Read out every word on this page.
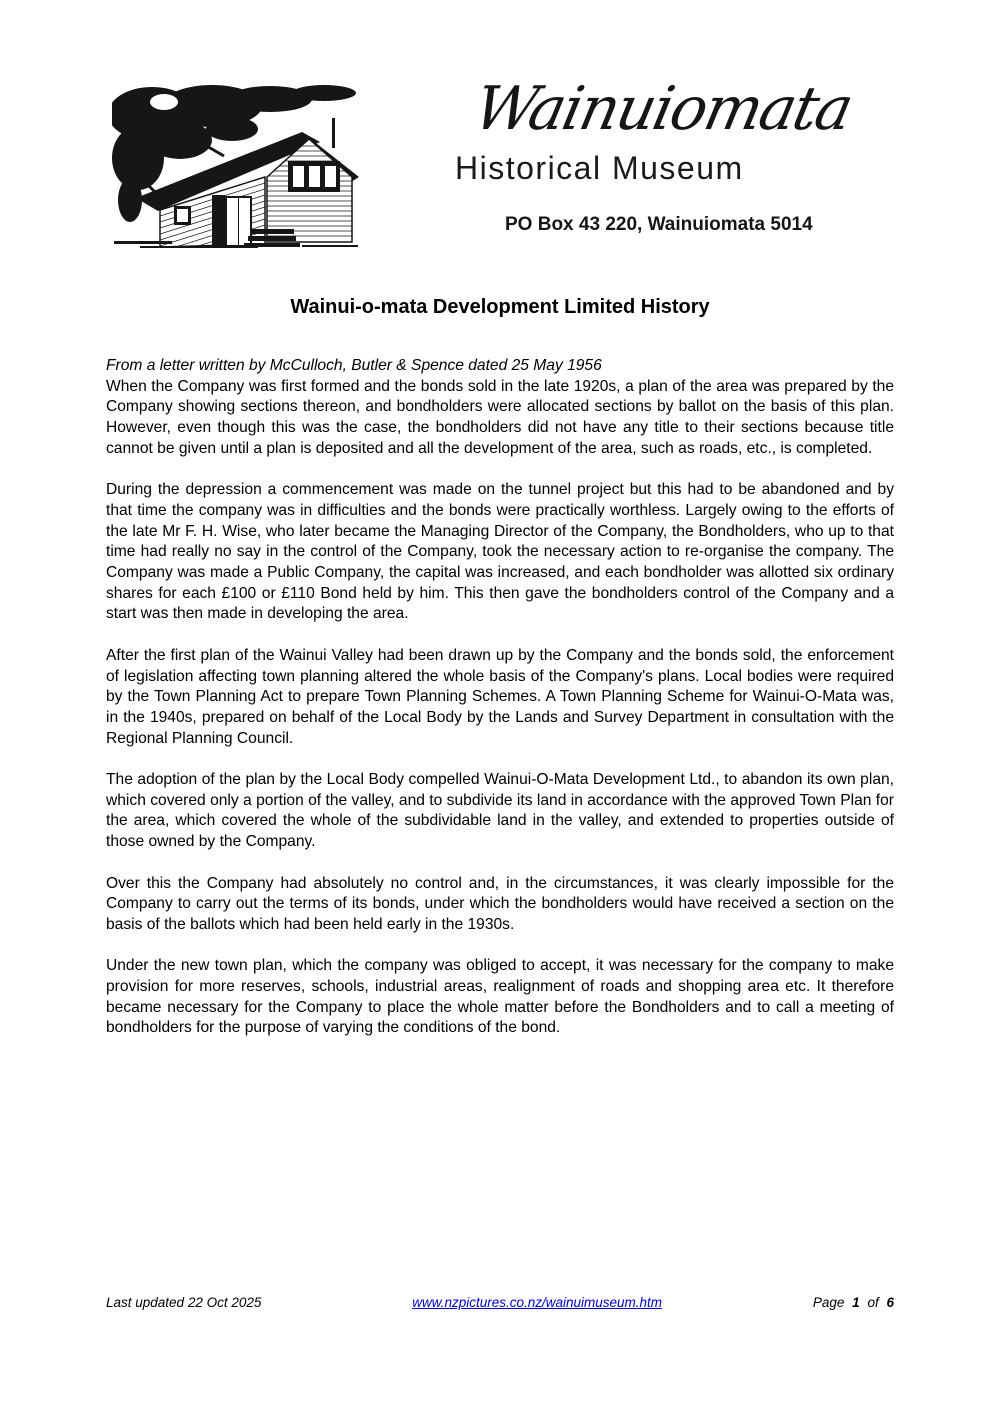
Wainuiomata
Historical Museum
PO Box 43 220, Wainuiomata 5014
Wainui-o-mata Development Limited History
From a letter written by McCulloch, Butler & Spence dated 25 May 1956

When the Company was first formed and the bonds sold in the late 1920s, a plan of the area was prepared by the Company showing sections thereon, and bondholders were allocated sections by ballot on the basis of this plan. However, even though this was the case, the bondholders did not have any title to their sections because title cannot be given until a plan is deposited and all the development of the area, such as roads, etc., is completed.

During the depression a commencement was made on the tunnel project but this had to be abandoned and by that time the company was in difficulties and the bonds were practically worthless. Largely owing to the efforts of the late Mr F. H. Wise, who later became the Managing Director of the Company, the Bondholders, who up to that time had really no say in the control of the Company, took the necessary action to re-organise the company. The Company was made a Public Company, the capital was increased, and each bondholder was allotted six ordinary shares for each £100 or £110 Bond held by him. This then gave the bondholders control of the Company and a start was then made in developing the area.

After the first plan of the Wainui Valley had been drawn up by the Company and the bonds sold, the enforcement of legislation affecting town planning altered the whole basis of the Company's plans. Local bodies were required by the Town Planning Act to prepare Town Planning Schemes. A Town Planning Scheme for Wainui-O-Mata was, in the 1940s, prepared on behalf of the Local Body by the Lands and Survey Department in consultation with the Regional Planning Council.

The adoption of the plan by the Local Body compelled Wainui-O-Mata Development Ltd., to abandon its own plan, which covered only a portion of the valley, and to subdivide its land in accordance with the approved Town Plan for the area, which covered the whole of the subdividable land in the valley, and extended to properties outside of those owned by the Company.

Over this the Company had absolutely no control and, in the circumstances, it was clearly impossible for the Company to carry out the terms of its bonds, under which the bondholders would have received a section on the basis of the ballots which had been held early in the 1930s.

Under the new town plan, which the company was obliged to accept, it was necessary for the company to make provision for more reserves, schools, industrial areas, realignment of roads and shopping area etc. It therefore became necessary for the Company to place the whole matter before the Bondholders and to call a meeting of bondholders for the purpose of varying the conditions of the bond.

Last updated 22 Oct 2025	www.nzpictures.co.nz/wainuimuseum.htm	Page 1 of 6
